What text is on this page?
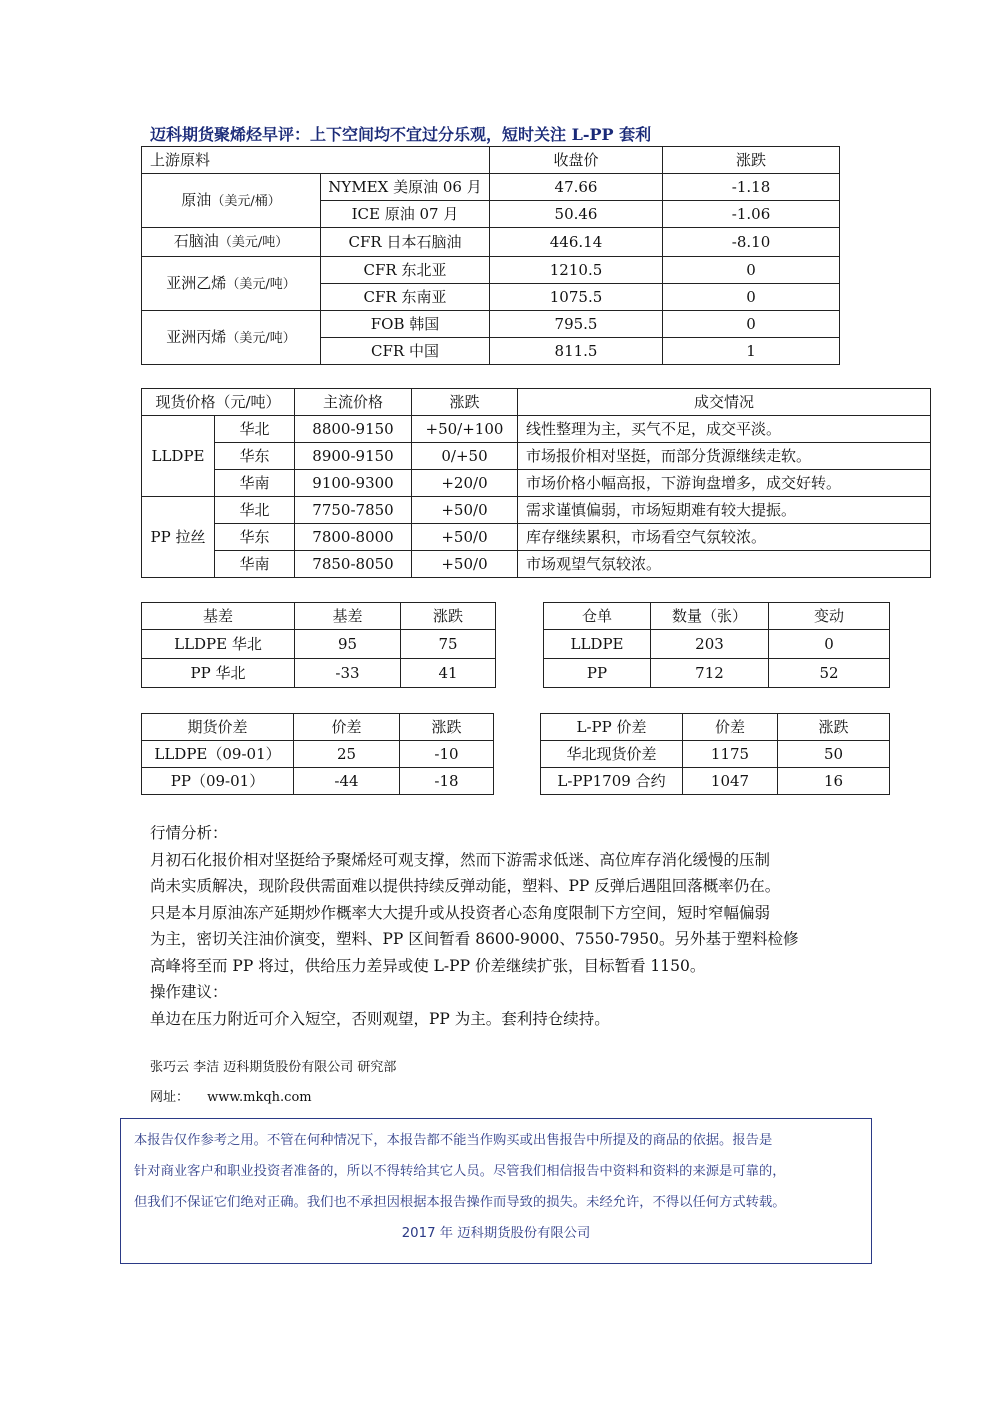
迈科期货聚烯烃早评：上下空间均不宜过分乐观，短时关注 L-PP 套利
上游原料		收盘价	涨跌
原油（美元/桶）	NYMEX 美原油 06 月	47.66	-1.18
	ICE 原油 07 月	50.46	-1.06
石脑油（美元/吨）	CFR 日本石脑油	446.14	-8.10
亚洲乙烯（美元/吨）	CFR 东北亚	1210.5	0
	CFR 东南亚	1075.5	0
亚洲丙烯（美元/吨）	FOB 韩国	795.5	0
	CFR 中国	811.5	1
现货价格（元/吨）		主流价格	涨跌	成交情况
LLDPE	华北	8800-9150	+50/+100	线性整理为主，买气不足，成交平淡。
	华东	8900-9150	0/+50	市场报价相对坚挺，而部分货源继续走软。
	华南	9100-9300	+20/0	市场价格小幅高报，下游询盘增多，成交好转。
PP 拉丝	华北	7750-7850	+50/0	需求谨慎偏弱，市场短期难有较大提振。
	华东	7800-8000	+50/0	库存继续累积，市场看空气氛较浓。
	华南	7850-8050	+50/0	市场观望气氛较浓。
基差	基差	涨跌
LLDPE 华北	95	75
PP 华北	-33	41
仓单	数量（张）	变动
LLDPE	203	0
PP	712	52
期货价差	价差	涨跌
LLDPE（09-01）	25	-10
PP（09-01）	-44	-18
L-PP 价差	价差	涨跌
华北现货价差	1175	50
L-PP1709 合约	1047	16

行情分析：

月初石化报价相对坚挺给予聚烯烃可观支撑，然而下游需求低迷、高位库存消化缓慢的压制

尚未实质解决，现阶段供需面难以提供持续反弹动能，塑料、PP 反弹后遇阻回落概率仍在。

只是本月原油冻产延期炒作概率大大提升或从投资者心态角度限制下方空间，短时窄幅偏弱

为主，密切关注油价演变，塑料、PP 区间暂看 8600-9000、7550-7950。另外基于塑料检修

高峰将至而 PP 将过，供给压力差异或使 L-PP 价差继续扩张，目标暂看 1150。

操作建议：

单边在压力附近可介入短空，否则观望，PP 为主。套利持仓续持。

张巧云 李洁 迈科期货股份有限公司 研究部
网址： www.mkqh.com

本报告仅作参考之用。不管在何种情况下，本报告都不能当作购买或出售报告中所提及的商品的依据。报告是

针对商业客户和职业投资者准备的，所以不得转给其它人员。尽管我们相信报告中资料和资料的来源是可靠的，

但我们不保证它们绝对正确。我们也不承担因根据本报告操作而导致的损失。未经允许，不得以任何方式转载。

2017 年 迈科期货股份有限公司
